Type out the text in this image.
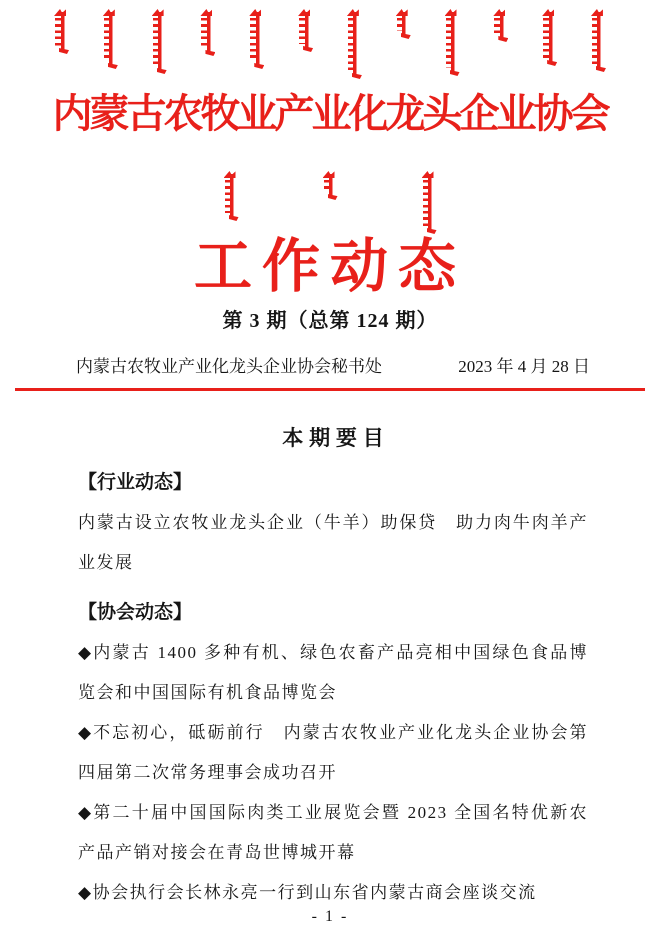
内蒙古农牧业产业化龙头企业协会
工作动态
第 3 期（总第 124 期）
内蒙古农牧业产业化龙头企业协会秘书处	2023 年 4 月 28 日
本 期 要 目
【行业动态】

内蒙古设立农牧业龙头企业（牛羊）助保贷　助力肉牛肉羊产业发展

【协会动态】

◆内蒙古 1400 多种有机、绿色农畜产品亮相中国绿色食品博览会和中国国际有机食品博览会

◆不忘初心，砥砺前行　内蒙古农牧业产业化龙头企业协会第四届第二次常务理事会成功召开

◆第二十届中国国际肉类工业展览会暨 2023 全国名特优新农产品产销对接会在青岛世博城开幕

◆协会执行会长林永亮一行到山东省内蒙古商会座谈交流

- 1 -
